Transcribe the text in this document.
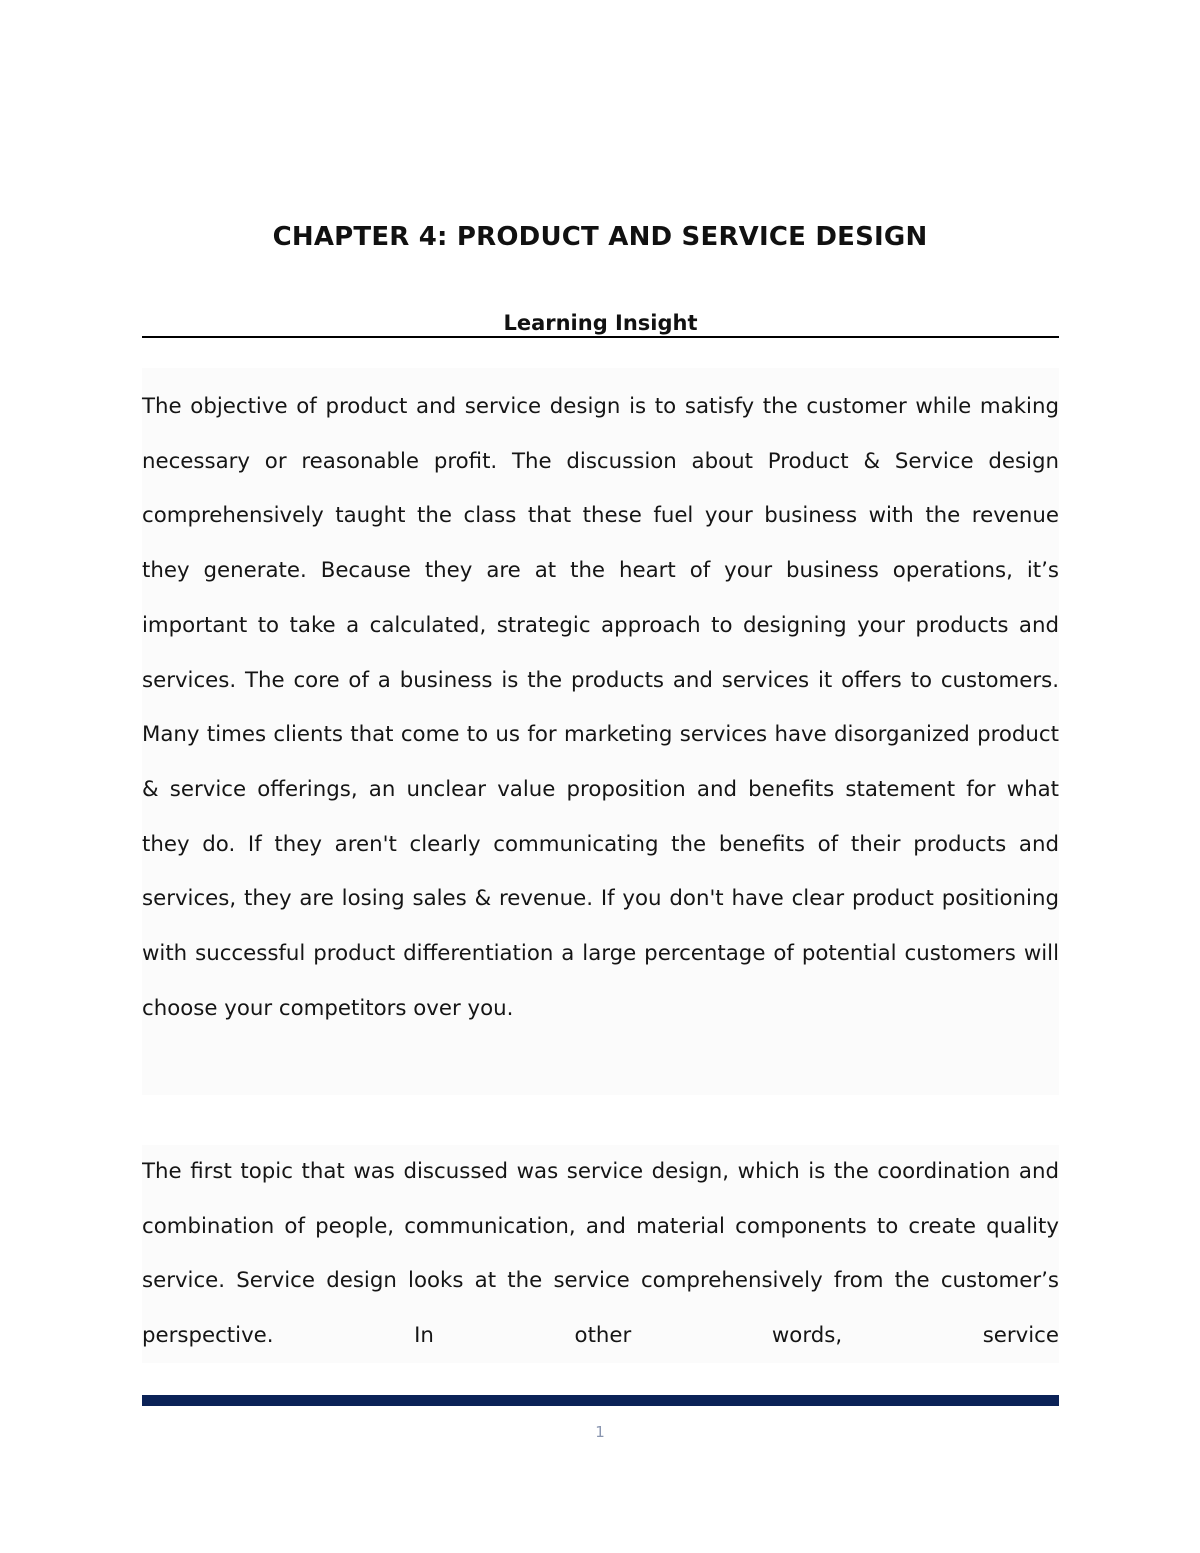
CHAPTER 4: PRODUCT AND SERVICE DESIGN
Learning Insight

The objective of product and service design is to satisfy the customer while making necessary or reasonable profit. The discussion about Product & Service design comprehensively taught the class that these fuel your business with the revenue they generate. Because they are at the heart of your business operations, it’s important to take a calculated, strategic approach to designing your products and services. The core of a business is the products and services it offers to customers. Many times clients that come to us for marketing services have disorganized product & service offerings, an unclear value proposition and benefits statement for what they do. If they aren't clearly communicating the benefits of their products and services, they are losing sales & revenue. If you don't have clear product positioning with successful product differentiation a large percentage of potential customers will choose your competitors over you.

The first topic that was discussed was service design, which is the coordination and combination of people, communication, and material components to create quality service. Service design looks at the service comprehensively from the customer’s perspective. In other words, service

1
